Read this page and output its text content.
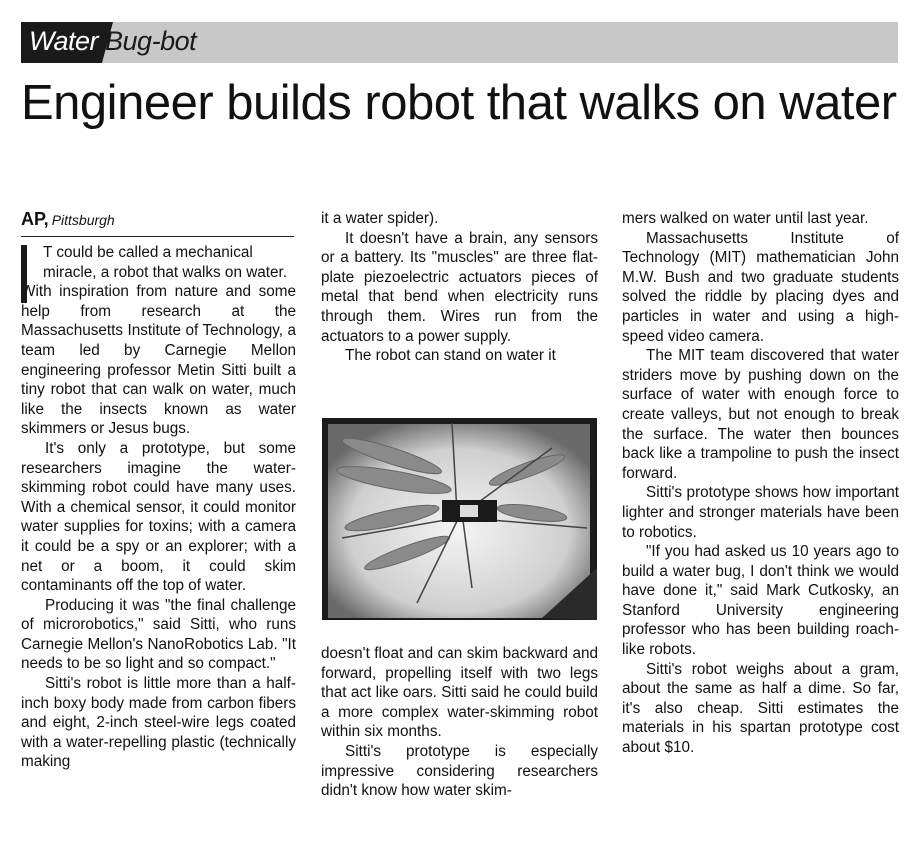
Water Bug-bot
Engineer builds robot that walks on water
AP, Pittsburgh

T could be called a mechanical miracle, a robot that walks on water.

With inspiration from nature and some help from research at the Massachusetts Institute of Technology, a team led by Carnegie Mellon engineering professor Metin Sitti built a tiny robot that can walk on water, much like the insects known as water skimmers or Jesus bugs.

It's only a prototype, but some researchers imagine the water-skimming robot could have many uses. With a chemical sensor, it could monitor water supplies for toxins; with a camera it could be a spy or an explorer; with a net or a boom, it could skim contaminants off the top of water.

Producing it was "the final challenge of microrobotics," said Sitti, who runs Carnegie Mellon's NanoRobotics Lab. "It needs to be so light and so compact."

Sitti's robot is little more than a half-inch boxy body made from carbon fibers and eight, 2-inch steel-wire legs coated with a water-repelling plastic (technically making

it a water spider).

It doesn't have a brain, any sensors or a battery. Its "muscles" are three flat-plate piezoelectric actuators pieces of metal that bend when electricity runs through them. Wires run from the actuators to a power supply.

The robot can stand on water it

doesn't float and can skim backward and forward, propelling itself with two legs that act like oars. Sitti said he could build a more complex water-skimming robot within six months.

Sitti's prototype is especially impressive considering researchers didn't know how water skim-

mers walked on water until last year.

Massachusetts Institute of Technology (MIT) mathematician John M.W. Bush and two graduate students solved the riddle by placing dyes and particles in water and using a high-speed video camera.

The MIT team discovered that water striders move by pushing down on the surface of water with enough force to create valleys, but not enough to break the surface. The water then bounces back like a trampoline to push the insect forward.

Sitti's prototype shows how important lighter and stronger materials have been to robotics.

"If you had asked us 10 years ago to build a water bug, I don't think we would have done it," said Mark Cutkosky, an Stanford University engineering professor who has been building roach-like robots.

Sitti's robot weighs about a gram, about the same as half a dime. So far, it's also cheap. Sitti estimates the materials in his spartan prototype cost about $10.
